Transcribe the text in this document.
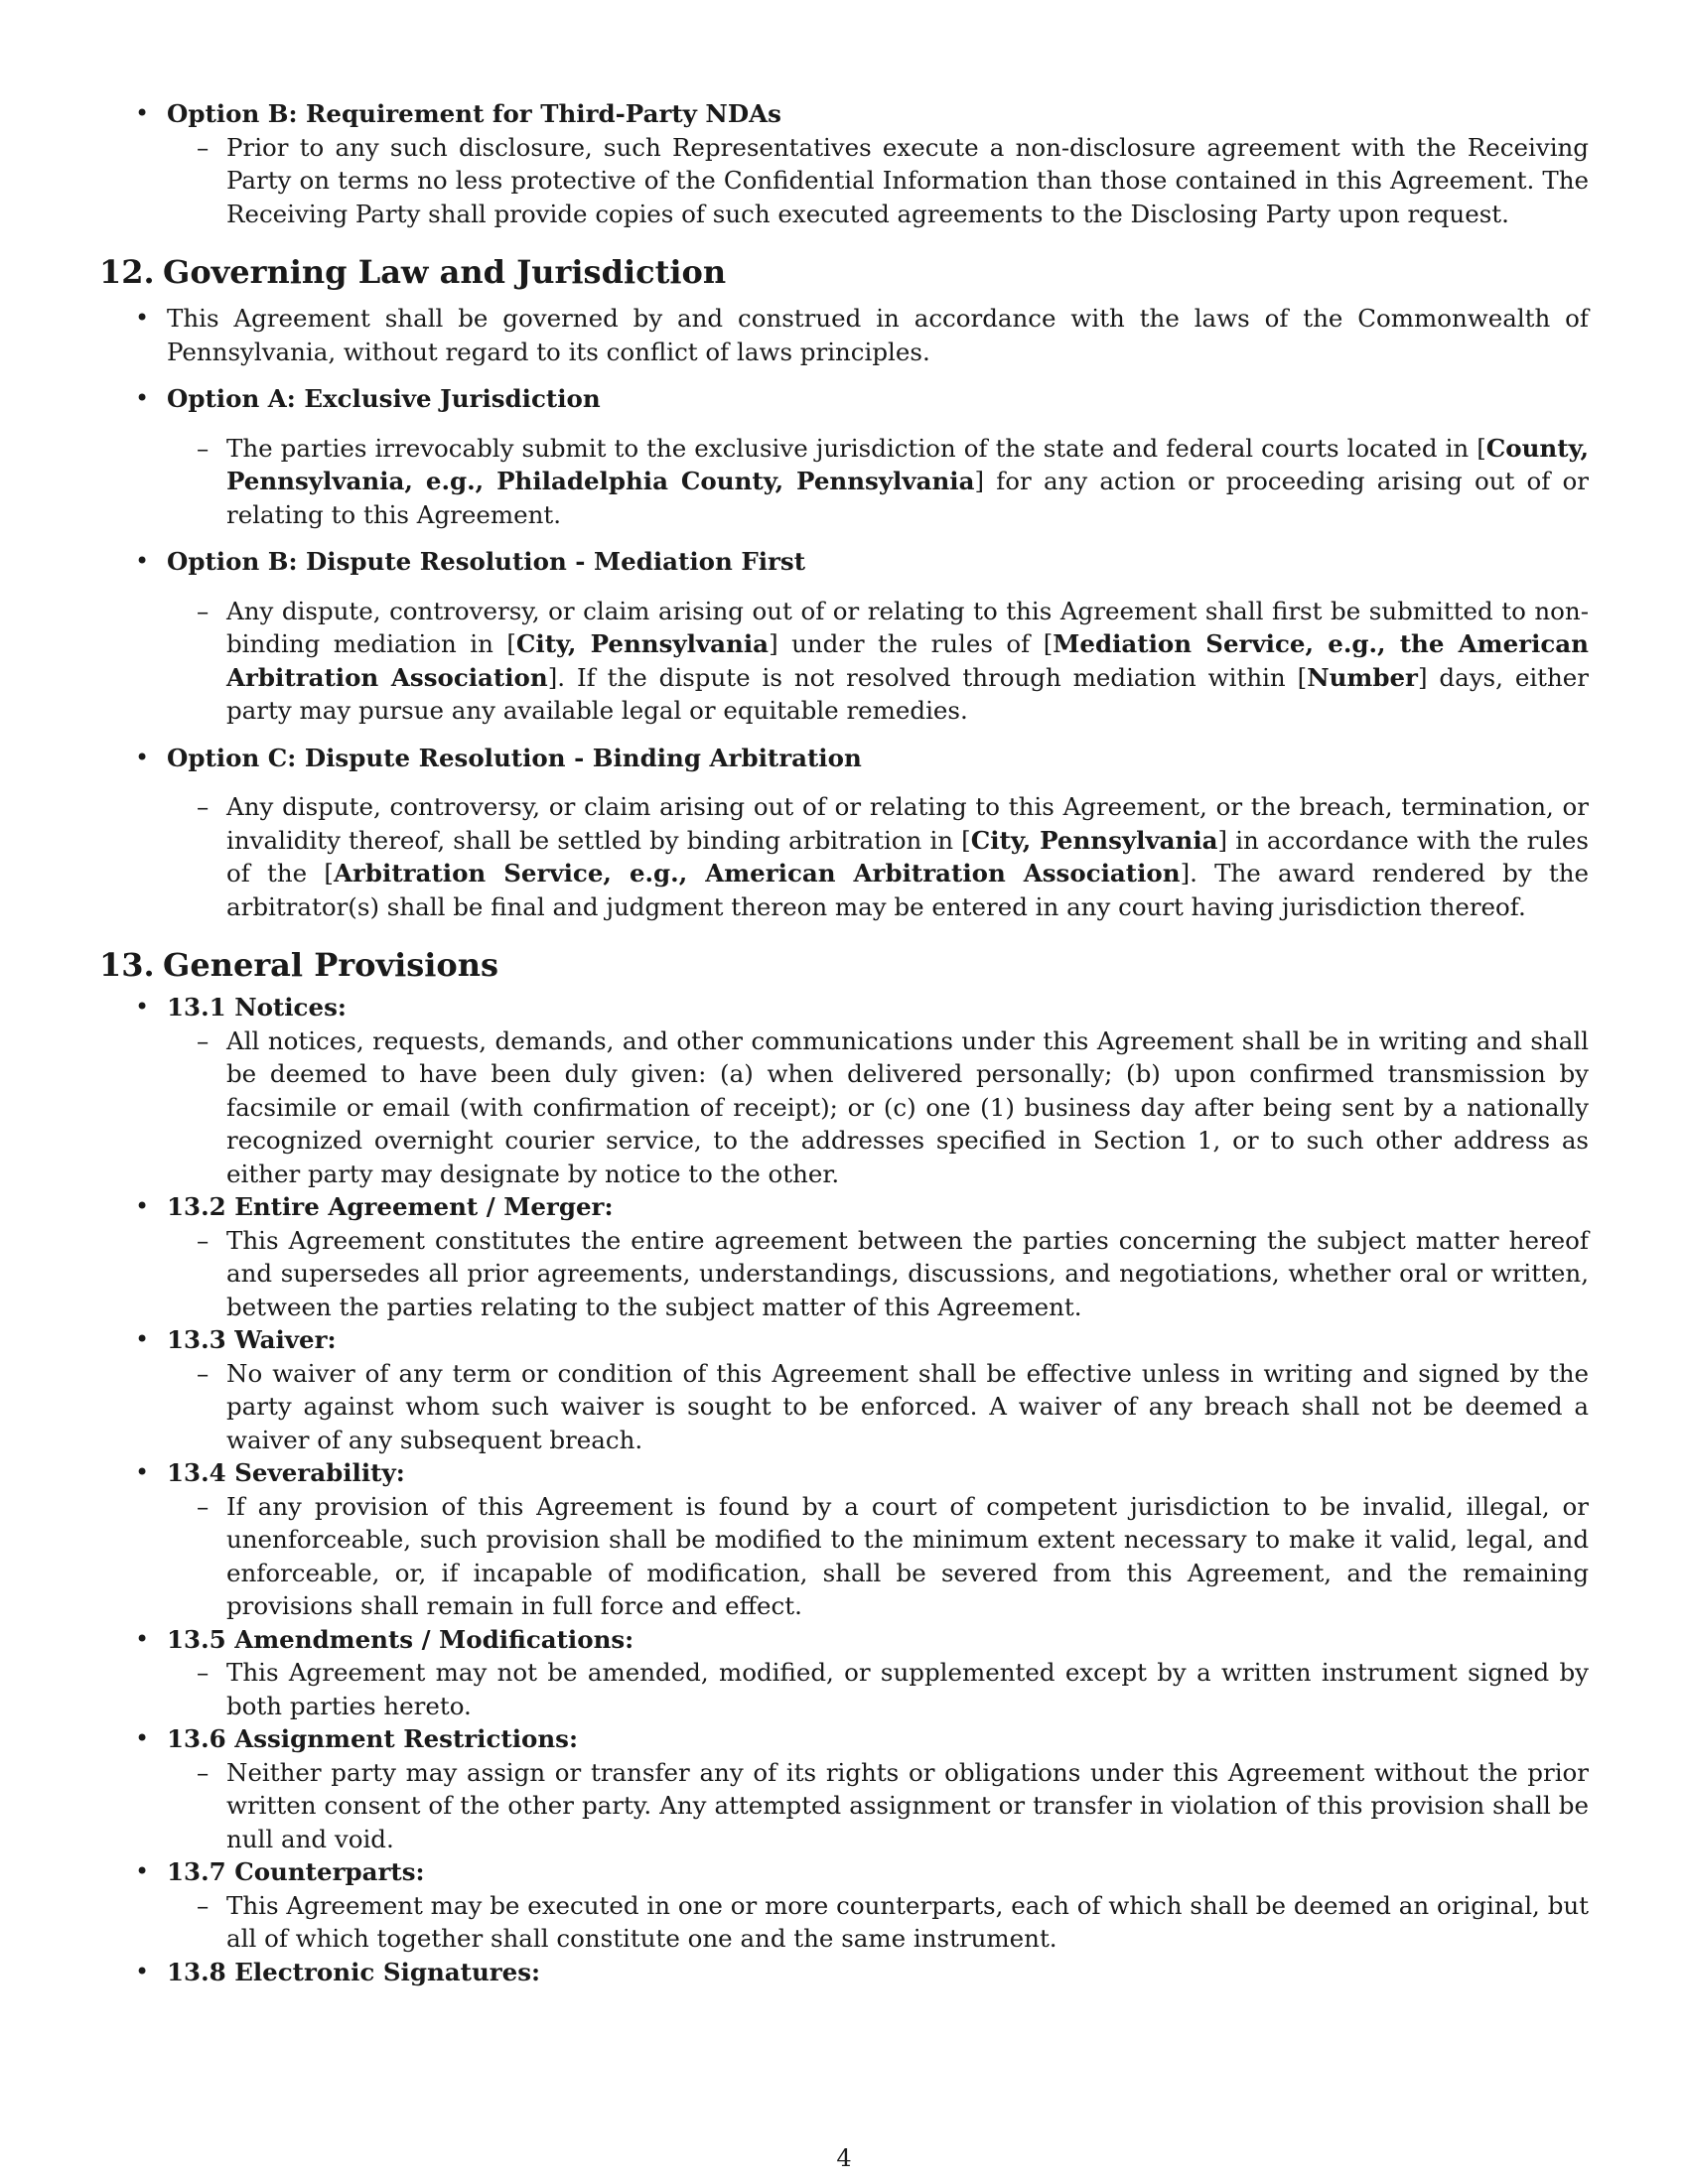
• Option B: Requirement for Third-Party NDAs
– Prior to any such disclosure, such Representatives execute a non-disclosure agreement with the Receiving Party on terms no less protective of the Confidential Information than those contained in this Agreement. The Receiving Party shall provide copies of such executed agreements to the Disclosing Party upon request.
12. Governing Law and Jurisdiction
• This Agreement shall be governed by and construed in accordance with the laws of the Commonwealth of Pennsylvania, without regard to its conflict of laws principles.
• Option A: Exclusive Jurisdiction
– The parties irrevocably submit to the exclusive jurisdiction of the state and federal courts located in [County, Pennsylvania, e.g., Philadelphia County, Pennsylvania] for any action or proceeding arising out of or relating to this Agreement.
• Option B: Dispute Resolution - Mediation First
– Any dispute, controversy, or claim arising out of or relating to this Agreement shall first be submitted to non-binding mediation in [City, Pennsylvania] under the rules of [Mediation Service, e.g., the American Arbitration Association]. If the dispute is not resolved through mediation within [Number] days, either party may pursue any available legal or equitable remedies.
• Option C: Dispute Resolution - Binding Arbitration
– Any dispute, controversy, or claim arising out of or relating to this Agreement, or the breach, termination, or invalidity thereof, shall be settled by binding arbitration in [City, Pennsylvania] in accordance with the rules of the [Arbitration Service, e.g., American Arbitration Association]. The award rendered by the arbitrator(s) shall be final and judgment thereon may be entered in any court having jurisdiction thereof.
13. General Provisions
• 13.1 Notices:
– All notices, requests, demands, and other communications under this Agreement shall be in writing and shall be deemed to have been duly given: (a) when delivered personally; (b) upon confirmed transmission by facsimile or email (with confirmation of receipt); or (c) one (1) business day after being sent by a nationally recognized overnight courier service, to the addresses specified in Section 1, or to such other address as either party may designate by notice to the other.
• 13.2 Entire Agreement / Merger:
– This Agreement constitutes the entire agreement between the parties concerning the subject matter hereof and supersedes all prior agreements, understandings, discussions, and negotiations, whether oral or written, between the parties relating to the subject matter of this Agreement.
• 13.3 Waiver:
– No waiver of any term or condition of this Agreement shall be effective unless in writing and signed by the party against whom such waiver is sought to be enforced. A waiver of any breach shall not be deemed a waiver of any subsequent breach.
• 13.4 Severability:
– If any provision of this Agreement is found by a court of competent jurisdiction to be invalid, illegal, or unenforceable, such provision shall be modified to the minimum extent necessary to make it valid, legal, and enforceable, or, if incapable of modification, shall be severed from this Agreement, and the remaining provisions shall remain in full force and effect.
• 13.5 Amendments / Modifications:
– This Agreement may not be amended, modified, or supplemented except by a written instrument signed by both parties hereto.
• 13.6 Assignment Restrictions:
– Neither party may assign or transfer any of its rights or obligations under this Agreement without the prior written consent of the other party. Any attempted assignment or transfer in violation of this provision shall be null and void.
• 13.7 Counterparts:
– This Agreement may be executed in one or more counterparts, each of which shall be deemed an original, but all of which together shall constitute one and the same instrument.
• 13.8 Electronic Signatures:
4
